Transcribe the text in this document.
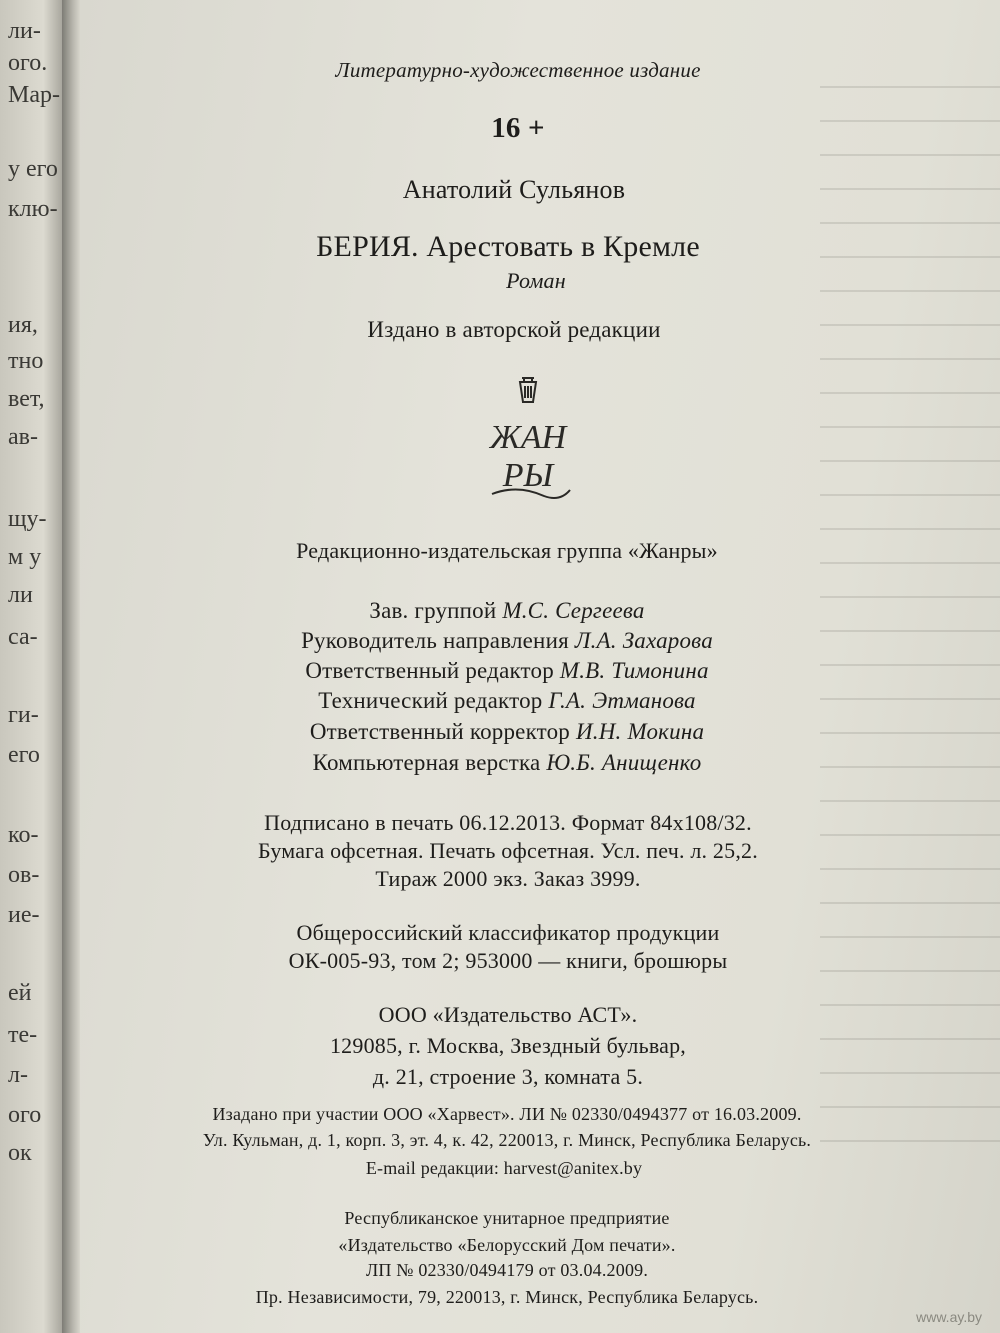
ли-
ого.
Мар-
у его
клю-
ия,
тно
вет,
ав-
щу-
м у
ли
са-
ги-
его
ко-
ов-
ие-
ей
те-
л-
ого
ок
Литературно-художественное издание
16 +
Анатолий Сульянов
БЕРИЯ. Арестовать в Кремле
Роман
Издано в авторской редакции
ЖАН
РЫ
Редакционно-издательская группа «Жанры»
Зав. группой М.С. Сергеева
Руководитель направления Л.А. Захарова
Ответственный редактор М.В. Тимонина
Технический редактор Г.А. Этманова
Ответственный корректор И.Н. Мокина
Компьютерная верстка Ю.Б. Анищенко
Подписано в печать 06.12.2013. Формат 84x108/32.
Бумага офсетная. Печать офсетная. Усл. печ. л. 25,2.
Тираж 2000 экз. Заказ 3999.
Общероссийский классификатор продукции
ОК-005-93, том 2; 953000 — книги, брошюры
ООО «Издательство АСТ».
129085, г. Москва, Звездный бульвар,
д. 21, строение 3, комната 5.
Изадано при участии ООО «Харвест». ЛИ № 02330/0494377 от 16.03.2009.
Ул. Кульман, д. 1, корп. 3, эт. 4, к. 42, 220013, г. Минск, Республика Беларусь.
E-mail редакции: harvest@anitex.by
Республиканское унитарное предприятие
«Издательство «Белорусский Дом печати».
ЛП № 02330/0494179 от 03.04.2009.
Пр. Независимости, 79, 220013, г. Минск, Республика Беларусь.
www.ay.by
